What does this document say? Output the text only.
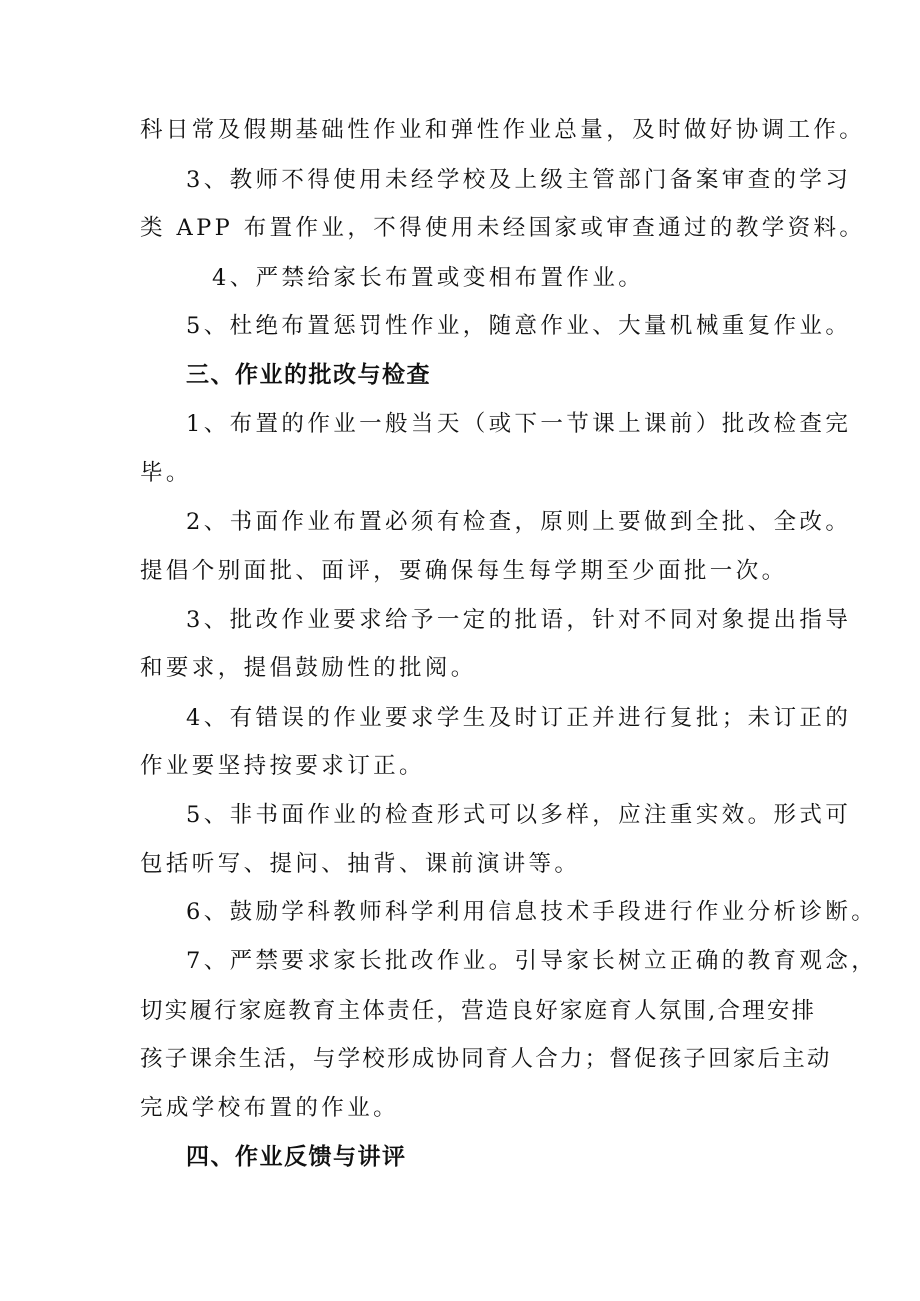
科日常及假期基础性作业和弹性作业总量，及时做好协调工作。
3、教师不得使用未经学校及上级主管部门备案审查的学习
类 APP 布置作业，不得使用未经国家或审查通过的教学资料。
4、严禁给家长布置或变相布置作业。
5、杜绝布置惩罚性作业，随意作业、大量机械重复作业。
三、作业的批改与检查
1、布置的作业一般当天（或下一节课上课前）批改检查完
毕。
2、书面作业布置必须有检查，原则上要做到全批、全改。
提倡个别面批、面评，要确保每生每学期至少面批一次。
3、批改作业要求给予一定的批语，针对不同对象提出指导
和要求，提倡鼓励性的批阅。
4、有错误的作业要求学生及时订正并进行复批；未订正的
作业要坚持按要求订正。
5、非书面作业的检查形式可以多样，应注重实效。形式可
包括听写、提问、抽背、课前演讲等。
6、鼓励学科教师科学利用信息技术手段进行作业分析诊断。
7、严禁要求家长批改作业。引导家长树立正确的教育观念，
切实履行家庭教育主体责任，营造良好家庭育人氛围,合理安排
孩子课余生活，与学校形成协同育人合力；督促孩子回家后主动
完成学校布置的作业。
四、作业反馈与讲评
